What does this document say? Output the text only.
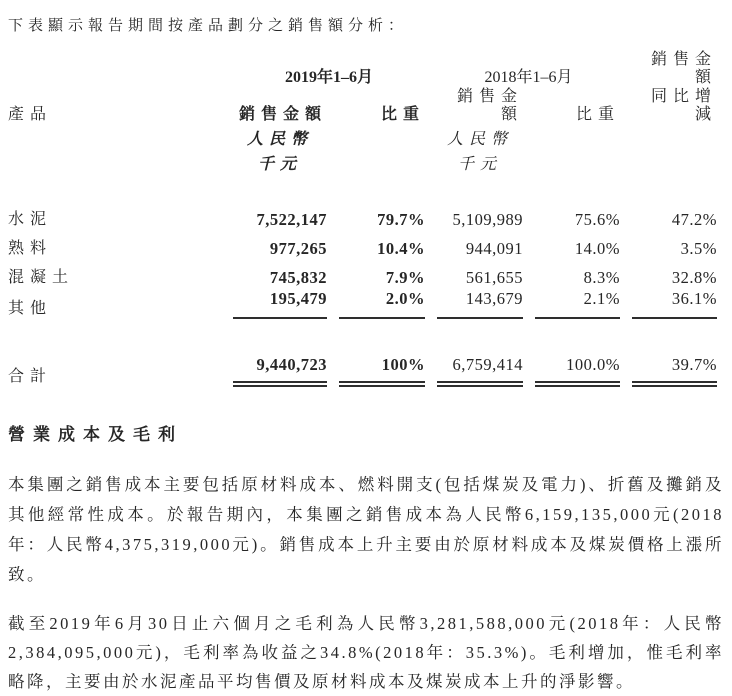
下表顯示報告期間按產品劃分之銷售額分析：

	2019年1–6月		2018年1–6月		銷售金額
產品	銷售金額	比重	銷售金額	比重	同比增減
	人民幣		人民幣		
	千元		千元		

水泥	7,522,147	79.7%	5,109,989	75.6%	47.2%
熟料	977,265	10.4%	944,091	14.0%	3.5%
混凝土	745,832	7.9%	561,655	8.3%	32.8%
其他	195,479	2.0%	143,679	2.1%	36.1%

合計	9,440,723	100%	6,759,414	100.0%	39.7%
營業成本及毛利

本集團之銷售成本主要包括原材料成本、燃料開支(包括煤炭及電力)、折舊及攤銷及其他經常性成本。於報告期內，本集團之銷售成本為人民幣6,159,135,000元(2018年：人民幣4,375,319,000元)。銷售成本上升主要由於原材料成本及煤炭價格上漲所致。

截至2019年6月30日止六個月之毛利為人民幣3,281,588,000元(2018年：人民幣2,384,095,000元)，毛利率為收益之34.8%(2018年：35.3%)。毛利增加，惟毛利率略降，主要由於水泥產品平均售價及原材料成本及煤炭成本上升的淨影響。
